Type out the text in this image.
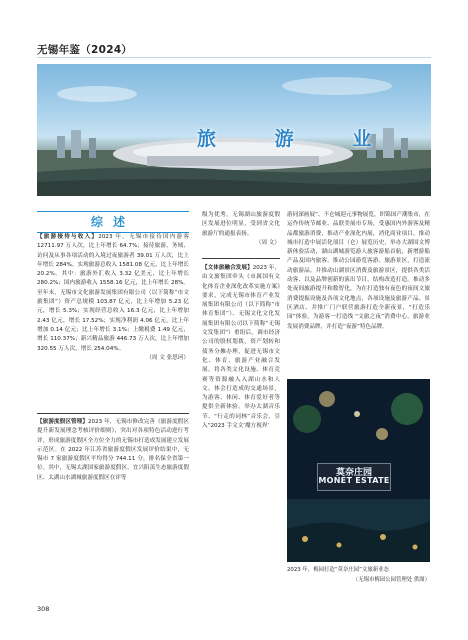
无锡年鉴（2024）
旅 游 业
综述

【旅游接待与收入】2023 年，无锡市接待国内游客 12711.97 万人次，比上年增长 64.7%；接待旅游、务域、访问及从事各项活动的入境过夜旅游者 39.01 万人次，比上年增长 284%。实现旅游总收入 1581.08 亿元，比上年增长 20.2%。其中：旅游外汇收入 3.32 亿美元，比上年增长 280.2%；国内旅游收入 1558.16 亿元，比上年增长 28%。至年末，无锡市文化旅游发展集团有限公司（以下简称“市文旅集团”）资产总规模 103.87 亿元，比上年增加 5.23 亿元，增长 5.3%；实现经营总收入 16.3 亿元，比上年增加 2.43 亿元，增长 17.52%；实现净利润 4.06 亿元，比上年增加 0.14 亿元；比上年增长 3.1%；上缴税费 1.49 亿元，增长 110.37%；新兴精品旅游 446.73 万人次，比上年增加 320.55 万人次，增长 254.04%。

（周 文 张思珂）

【旅游度假区管理】2023 年，无锡市修改完善《旅游度假区提升新发展理念考核评价细则》，突出对各项特色活动进行考评，形成旅游度假区全方位全力的无锡市打造成发展建立发展示范区。在 2022 年江苏省旅游度假区发展评价结果中，无锡市 7 家旅游度假区平均得分 744.11 分，排名保全省第一位。其中，无锡太湖国家旅游度假区、宜兴阳羡生态旅游度假区、太湖山水湖城旅游度假区在评等

级为优秀，无锡湖山旅游度假区发展进位明显，受到省文化旅游厅的通报表扬。

（周 文）

【文体旅融合发展】2023 年，由文旅集团牵头《市属国有文化体育企业深化改革实施方案》要求，完成无锡市体育产业发展集团有限公司（以下简称“市体育集团”）、无锡文化文化发展集团有限公司以下简称“无锡文发集团”）重组后，调市经济公司的股权划拨，资产划转和债务分摊办理，促进无锡市文化、体育、旅游产业融合发展。将各类文化设施、体育竞赛等资源融入入湖山水和人文、体会打造成的交通场景，为游客、体闲、体育爱好者等提供全新体验。举办太湖音乐节、“行走的词林”音乐会、引入“2023 手文文‘魔方视界’

游同深画展”、不仑城迎元事物展览，织锦国产潮集市，在运作传统节邮业、品联美展市专场，受惠国内外游客及精品都旅游消费，推动产业深化内展，消化商业项目，推动城市打造中展活化项目（仑）展览历史，举办大湖国文博新体验活动，湖山湖城游览游人旅客游船首航，新增游船产品及国内旅客。推动公园游览客游。旅游景区，打造流动旅游品。并推动山湖景区消费及旅游景区，提供各类活动客、以及品牌创新的演出节目，结构改造打造。推动多处夜间旅游提升和数智化，为在打造独有夜色的夜间文旅消费提振设施及各项文化地点，各项设施及旅游产品、景区酒店、并推广门户联营旅游打造全新夜景，“打造乐园”体验，为游客一打造线 “文旅之夜”消费中心，旅游业发展消费品牌，并打造“夜游”特色品牌。

莫奈庄园
MONET ESTATE
2023 年，梅园打造“莫奈庄园”文旅新业态
（无锡市梅园公园管理处 供图）
308
